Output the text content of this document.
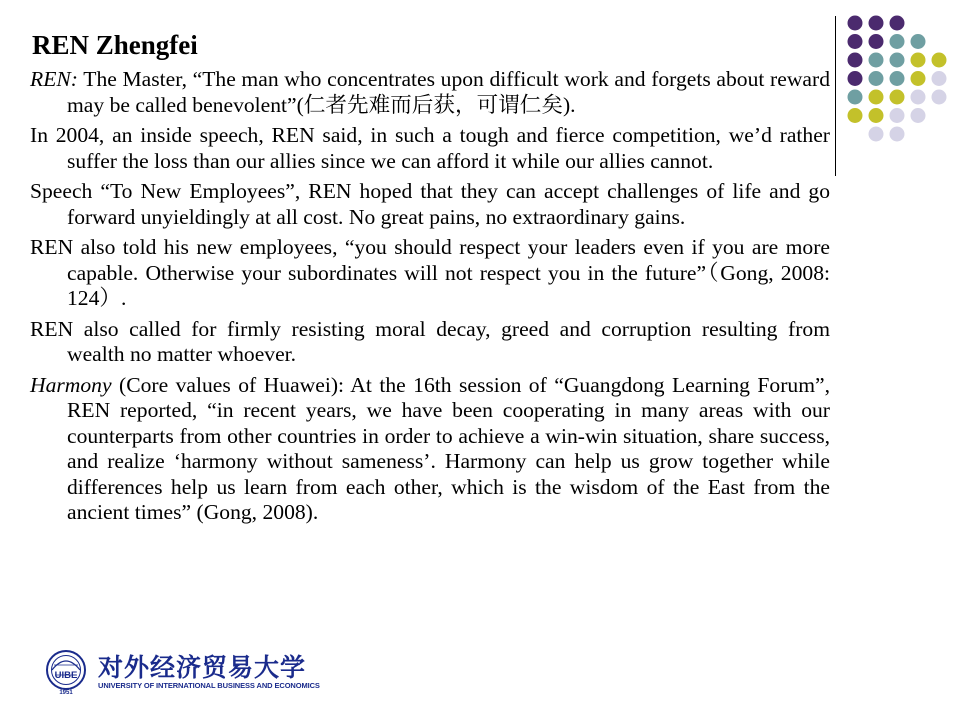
REN Zhengfei

REN: The Master, “The man who concentrates upon difficult work and forgets about reward may be called benevolent”(仁者先难而后获，可谓仁矣).

In 2004, an inside speech, REN said, in such a tough and fierce competition, we’d rather suffer the loss than our allies since we can afford it while our allies cannot.

Speech “To New Employees”, REN hoped that they can accept challenges of life and go forward unyieldingly at all cost. No great pains, no extraordinary gains.

REN also told his new employees, “you should respect your leaders even if you are more capable. Otherwise your subordinates will not respect you in the future”（Gong, 2008: 124）.

REN also called for firmly resisting moral decay, greed and corruption resulting from wealth no matter whoever.

Harmony (Core values of Huawei): At the 16th session of “Guangdong Learning Forum”, REN reported, “in recent years, we have been cooperating in many areas with our counterparts from other countries in order to achieve a win-win situation, share success, and realize ‘harmony without sameness’. Harmony can help us grow together while differences help us learn from each other, which is the wisdom of the East from the ancient times” (Gong, 2008).

UIBE
1951
对外经济贸易大学
UNIVERSITY OF INTERNATIONAL BUSINESS AND ECONOMICS
